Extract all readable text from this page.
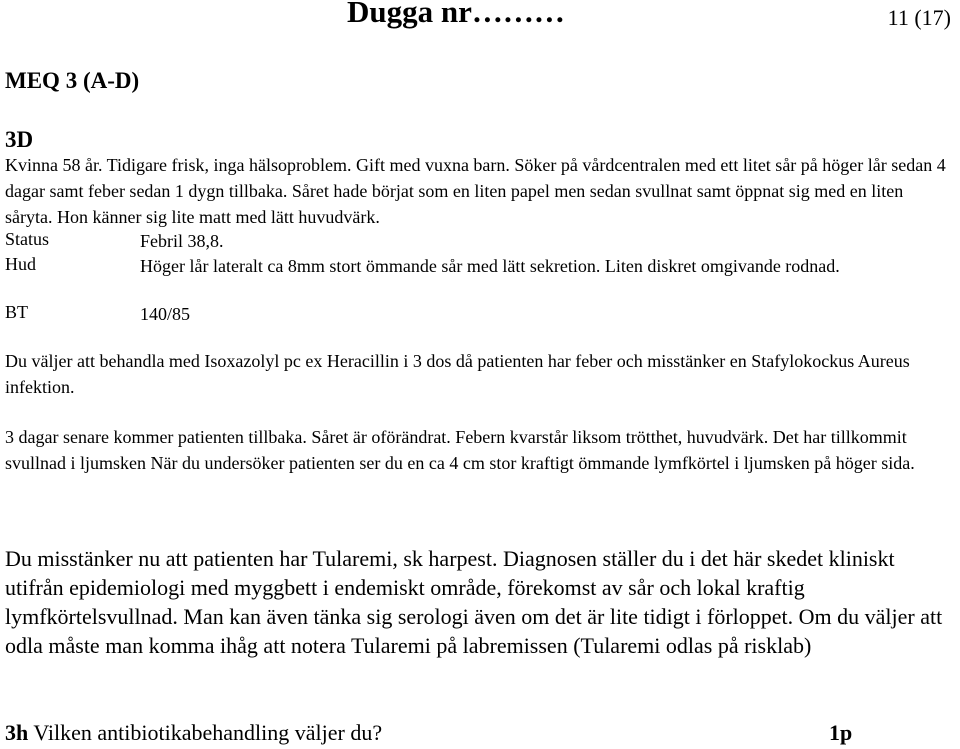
Dugga nr………	11 (17)
MEQ 3 (A-D)
3D
Kvinna 58 år. Tidigare frisk, inga hälsoproblem. Gift med vuxna barn. Söker på vårdcentralen med ett litet sår på höger lår sedan 4 dagar samt feber sedan 1 dygn tillbaka. Såret hade börjat som en liten papel men sedan svullnat samt öppnat sig med en liten såryta. Hon känner sig lite matt med lätt huvudvärk.
Status	Febril 38,8.
Hud	Höger lår lateralt ca 8mm stort ömmande sår med lätt sekretion. Liten diskret omgivande rodnad.
BT	140/85
Du väljer att behandla med Isoxazolyl pc ex Heracillin i 3 dos då patienten har feber och misstänker en Stafylokockus Aureus infektion.
3 dagar senare kommer patienten tillbaka. Såret är oförändrat. Febern kvarstår liksom trötthet, huvudvärk. Det har tillkommit svullnad i ljumsken När du undersöker patienten ser du en ca 4 cm stor kraftigt ömmande lymfkörtel i ljumsken på höger sida.
Du misstänker nu att patienten har Tularemi, sk harpest. Diagnosen ställer du i det här skedet kliniskt utifrån epidemiologi med myggbett i endemiskt område, förekomst av sår och lokal kraftig lymfkörtelsvullnad. Man kan även tänka sig serologi även om det är lite tidigt i förloppet. Om du väljer att odla måste man komma ihåg att notera Tularemi på labremissen (Tularemi odlas på risklab)
3h Vilken antibiotikabehandling väljer du?	1p
